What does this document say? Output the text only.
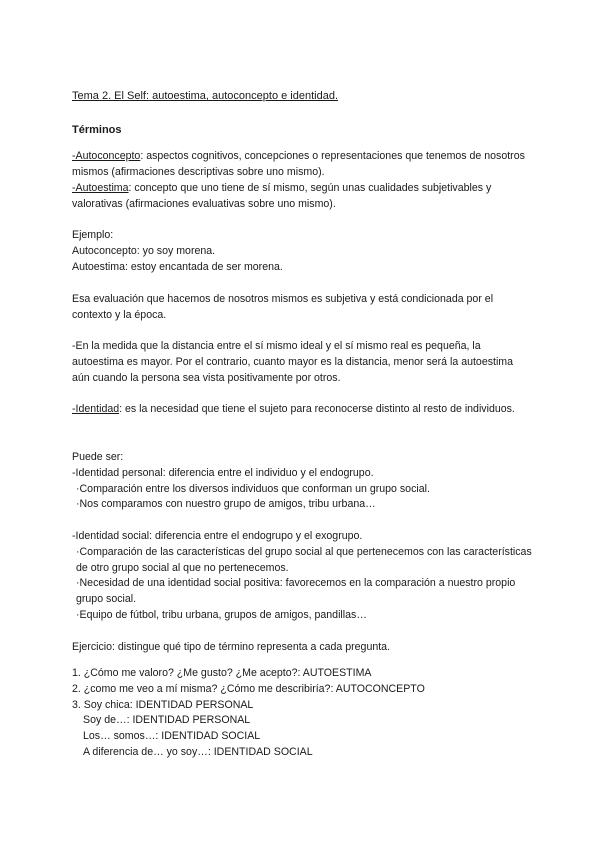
Tema 2. El Self: autoestima, autoconcepto e identidad.
Términos
-Autoconcepto: aspectos cognitivos, concepciones o representaciones que tenemos de nosotros mismos (afirmaciones descriptivas sobre uno mismo).
-Autoestima: concepto que uno tiene de sí mismo, según unas cualidades subjetivables y valorativas (afirmaciones evaluativas sobre uno mismo).

Ejemplo:

Autoconcepto: yo soy morena.

Autoestima: estoy encantada de ser morena.

Esa evaluación que hacemos de nosotros mismos es subjetiva y está condicionada por el contexto y la época.
-En la medida que la distancia entre el sí mismo ideal y el sí mismo real es pequeña, la autoestima es mayor. Por el contrario, cuanto mayor es la distancia, menor será la autoestima aún cuando la persona sea vista positivamente por otros.
-Identidad: es la necesidad que tiene el sujeto para reconocerse distinto al resto de individuos.

Puede ser:

-Identidad personal: diferencia entre el individuo y el endogrupo.

·Comparación entre los diversos individuos que conforman un grupo social.

·Nos comparamos con nuestro grupo de amigos, tribu urbana…

-Identidad social: diferencia entre el endogrupo y el exogrupo.

·Comparación de las características del grupo social al que pertenecemos con las características de otro grupo social al que no pertenecemos.

·Necesidad de una identidad social positiva: favorecemos en la comparación a nuestro propio grupo social.

·Equipo de fútbol, tribu urbana, grupos de amigos, pandillas…

Ejercicio: distingue qué tipo de término representa a cada pregunta.

1. ¿Cómo me valoro? ¿Me gusto? ¿Me acepto?: AUTOESTIMA

2. ¿como me veo a mí misma? ¿Cómo me describiría?: AUTOCONCEPTO

3. Soy chica: IDENTIDAD PERSONAL

Soy de…: IDENTIDAD PERSONAL

Los… somos…: IDENTIDAD SOCIAL

A diferencia de… yo soy…: IDENTIDAD SOCIAL
